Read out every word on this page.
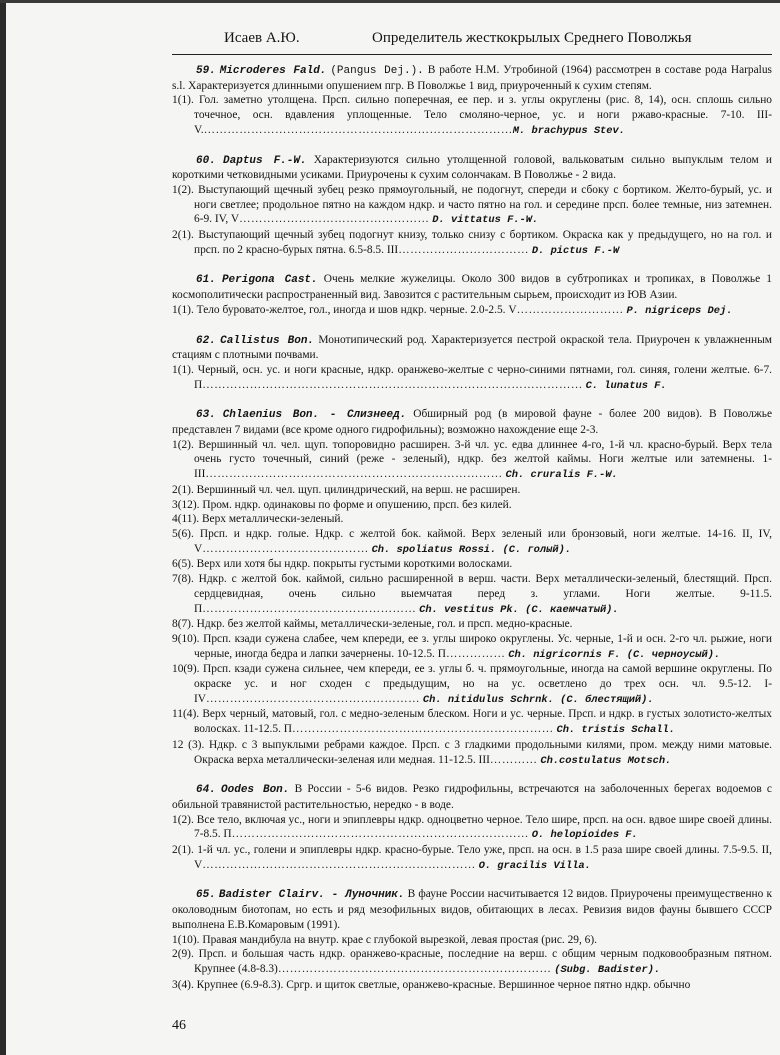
Исаев А.Ю.	Определитель жесткокрылых Среднего Поволжья

59. Microderes Fald. (Pangus Dej.). В работе Н.М. Утробиной (1964) рассмотрен в составе рода Harpalus s.l. Характеризуется длинными опушением пгр. В Поволжье 1 вид, приуроченный к сухим степям.

1(1). Гол. заметно утолщена. Прсп. сильно поперечная, ее пер. и з. углы округлены (рис. 8, 14), осн. сплошь сильно точечное, осн. вдавления уплощенные. Тело смоляно-черное, ус. и ноги ржаво-красные. 7-10. III-V.……………………………………………………………………M. brachypus Stev.

60. Daptus F.-W. Характеризуются сильно утолщенной головой, вальковатым сильно выпуклым телом и короткими четковидными усиками. Приурочены к сухим солончакам. В Поволжье - 2 вида.

1(2). Выступающий щечный зубец резко прямоугольный, не подогнут, спереди и сбоку с бортиком. Желто-бурый, ус. и ноги светлее; продольное пятно на каждом ндкр. и часто пятно на гол. и середине прсп. более темные, низ затемнен. 6-9. IV, V………………………………………… D. vittatus F.-W.

2(1). Выступающий щечный зубец подогнут книзу, только снизу с бортиком. Окраска как у предыдущего, но на гол. и прсп. по 2 красно-бурых пятна. 6.5-8.5. III…………………………… D. pictus F.-W

61. Perigona Cast. Очень мелкие жужелицы. Около 300 видов в субтропиках и тропиках, в Поволжье 1 космополитически распространенный вид. Завозится с растительным сырьем, происходит из ЮВ Азии.

1(1). Тело буровато-желтое, гол., иногда и шов ндкр. черные. 2.0-2.5. V……………………… P. nigriceps Dej.

62. Callistus Bon. Монотипический род. Характеризуется пестрой окраской тела. Приурочен к увлажненным стациям с плотными почвами.

1(1). Черный, осн. ус. и ноги красные, ндкр. оранжево-желтые с черно-синими пятнами, гол. синяя, голени желтые. 6-7. П…………………………………………………………………………………… C. lunatus F.

63. Chlaenius Bon. - Слизнеед. Обширный род (в мировой фауне - более 200 видов). В Поволжье представлен 7 видами (все кроме одного гидрофильны); возможно нахождение еще 2-3.

1(2). Вершинный чл. чел. щуп. топоровидно расширен. 3-й чл. ус. едва длиннее 4-го, 1-й чл. красно-бурый. Верх тела очень густо точечный, синий (реже - зеленый), ндкр. без желтой каймы. Ноги желтые или затемнены. 1-III………………………………………………………………… Ch. cruralis F.-W.

2(1). Вершинный чл. чел. щуп. цилиндрический, на верш. не расширен.

3(12). Пром. ндкр. одинаковы по форме и опушению, прсп. без килей.

4(11). Верх металлически-зеленый.

5(6). Прсп. и ндкр. голые. Ндкр. с желтой бок. каймой. Верх зеленый или бронзовый, ноги желтые. 14-16. II, IV, V…………………………………… Ch. spoliatus Rossi. (С. голый).

6(5). Верх или хотя бы ндкр. покрыты густыми короткими волосками.

7(8). Ндкр. с желтой бок. каймой, сильно расширенной в верш. части. Верх металлически-зеленый, блестящий. Прсп. сердцевидная, очень сильно выемчатая перед з. углами. Ноги желтые. 9-11.5. П……………………………………………… Ch. vestitus Pk. (С. каемчатый).

8(7). Ндкр. без желтой каймы, металлически-зеленые, гол. и прсп. медно-красные.

9(10). Прсп. кзади сужена слабее, чем кпереди, ее з. углы широко округлены. Ус. черные, 1-й и осн. 2-го чл. рыжие, ноги черные, иногда бедра и лапки зачернены. 10-12.5. П…………… Ch. nigricornis F. (С. черноусый).

10(9). Прсп. кзади сужена сильнее, чем кпереди, ее з. углы б. ч. прямоугольные, иногда на самой вершине округлены. По окраске ус. и ног сходен с предыдущим, но на ус. осветлено до трех осн. чл. 9.5-12. I-IV……………………………………………… Ch. nitidulus Schrnk. (С. блестящий).

11(4). Верх черный, матовый, гол. с медно-зеленым блеском. Ноги и ус. черные. Прсп. и ндкр. в густых золотисто-желтых волосках. 11-12.5. П………………………………………………………… Ch. tristis Schall.

12 (3). Ндкр. с 3 выпуклыми ребрами каждое. Прсп. с 3 гладкими продольными килями, пром. между ними матовые. Окраска верха металлически-зеленая или медная. 11-12.5. III………… Ch.costulatus Motsch.

64. Oodes Bon. В России - 5-6 видов. Резко гидрофильны, встречаются на заболоченных берегах водоемов с обильной травянистой растительностью, нередко - в воде.

1(2). Все тело, включая ус., ноги и эпиплевры ндкр. одноцветно черное. Тело шире, прсп. на осн. вдвое шире своей длины. 7-8.5. П………………………………………………………………… O. helopioides F.

2(1). 1-й чл. ус., голени и эпиплевры ндкр. красно-бурые. Тело уже, прсп. на осн. в 1.5 раза шире своей длины. 7.5-9.5. II, V…………………………………………………………… O. gracilis Villa.

65. Badister Clairv. - Луночник. В фауне России насчитывается 12 видов. Приурочены преимущественно к околоводным биотопам, но есть и ряд мезофильных видов, обитающих в лесах. Ревизия видов фауны бывшего СССР выполнена Е.В.Комаровым (1991).

1(10). Правая мандибула на внутр. крае с глубокой вырезкой, левая простая (рис. 29, 6).

2(9). Прсп. и большая часть ндкр. оранжево-красные, последние на верш. с общим черным подковообразным пятном. Крупнее (4.8-8.3)…………………………………………………………… (Subg. Badister).

3(4). Крупнее (6.9-8.3). Сргр. и щиток светлые, оранжево-красные. Вершинное черное пятно ндкр. обычно

46
